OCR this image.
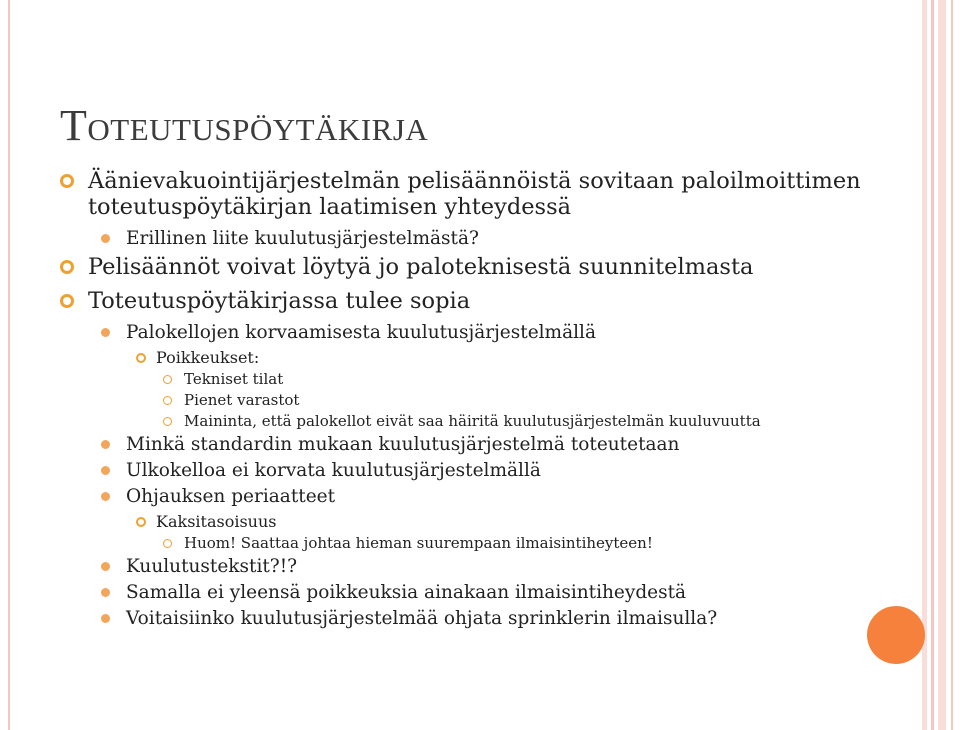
Toteutuspöytäkirja
Äänievakuointijärjestelmän pelisäännöistä sovitaan paloilmoittimen toteutuspöytäkirjan laatimisen yhteydessä
Erillinen liite kuulutusjärjestelmästä?
Pelisäännöt voivat löytyä jo paloteknisestä suunnitelmasta
Toteutuspöytäkirjassa tulee sopia
Palokellojen korvaamisesta kuulutusjärjestelmällä
Poikkeukset:
Tekniset tilat
Pienet varastot
Maininta, että palokellot eivät saa häiritä kuulutusjärjestelmän kuuluvuutta
Minkä standardin mukaan kuulutusjärjestelmä toteutetaan
Ulkokelloa ei korvata kuulutusjärjestelmällä
Ohjauksen periaatteet
Kaksitasoisuus
Huom! Saattaa johtaa hieman suurempaan ilmaisintiheyteen!
Kuulutustekstit?!?
Samalla ei yleensä poikkeuksia ainakaan ilmaisintiheydestä
Voitaisiinko kuulutusjärjestelmää ohjata sprinklerin ilmaisulla?
